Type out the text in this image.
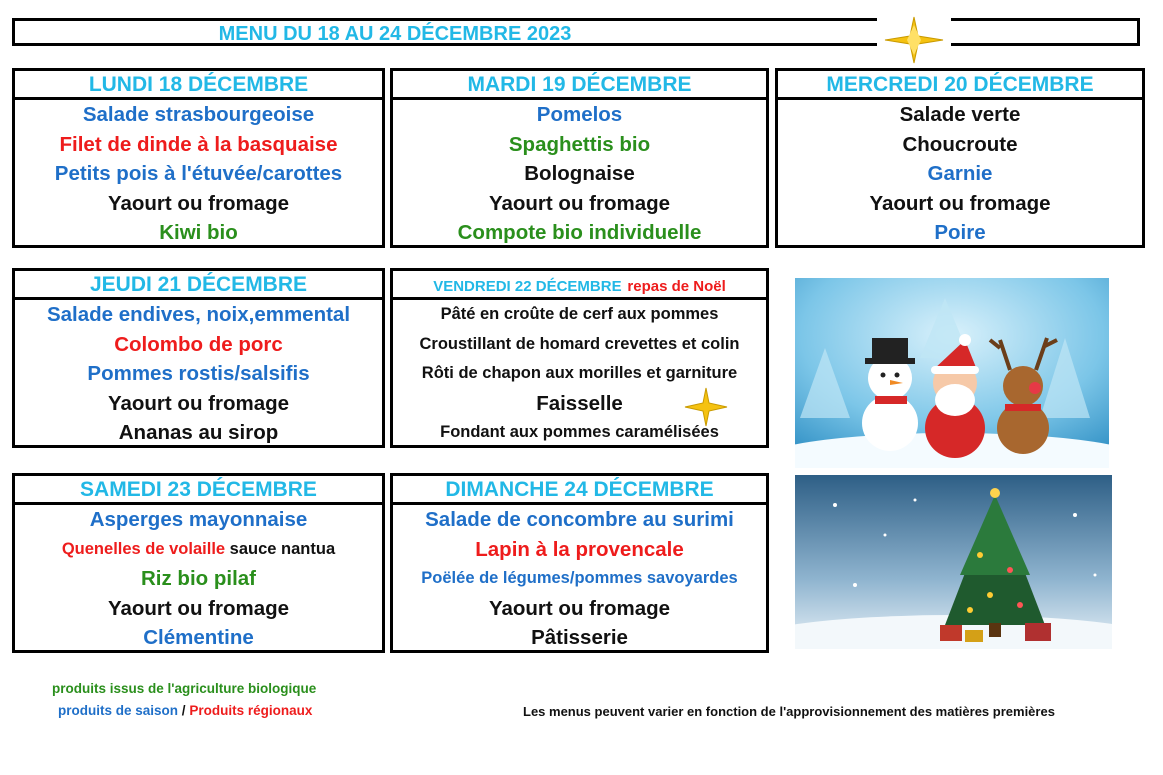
MENU DU 18 AU 24 DÉCEMBRE 2023
LUNDI 18 DÉCEMBRE
Salade strasbourgeoise
Filet de dinde à la basquaise
Petits pois à l'étuvée/carottes
Yaourt ou fromage
Kiwi bio
MARDI 19 DÉCEMBRE
Pomelos
Spaghettis bio
Bolognaise
Yaourt ou fromage
Compote bio individuelle
MERCREDI 20 DÉCEMBRE
Salade verte
Choucroute
Garnie
Yaourt ou fromage
Poire
JEUDI 21 DÉCEMBRE
Salade endives, noix,emmental
Colombo de porc
Pommes rostis/salsifis
Yaourt ou fromage
Ananas au sirop
VENDREDI 22 DÉCEMBRE repas de Noël
Pâté en croûte de cerf aux pommes
Croustillant de homard crevettes et colin
Rôti de chapon aux morilles et garniture
Faisselle
Fondant aux pommes caramélisées
SAMEDI 23 DÉCEMBRE
Asperges mayonnaise
Quenelles de volaille sauce nantua
Riz bio pilaf
Yaourt ou fromage
Clémentine
DIMANCHE 24 DÉCEMBRE
Salade de concombre au surimi
Lapin à la provencale
Poëlée de légumes/pommes savoyardes
Yaourt ou fromage
Pâtisserie
produits issus de l'agriculture biologique
produits de saison / Produits régionaux	Les menus peuvent varier en fonction de l'approvisionnement des matières premières
